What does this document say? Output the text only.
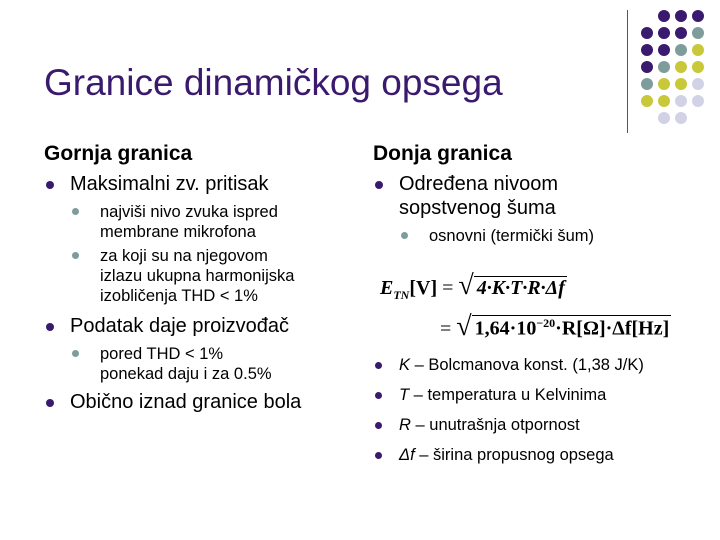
Granice dinamičkog opsega
Gornja granica
Maksimalni zv. pritisak
najviši nivo zvuka ispred
membrane mikrofona
za koji su na njegovom
izlazu ukupna harmonijska
izobličenja THD < 1%
Podatak daje proizvođač
pored THD < 1%
ponekad daju i za 0.5%
Obično iznad granice bola
Donja granica
Određena nivoom
sopstvenog šuma
osnovni (termički šum)
$E_{TN}[V]$ = √ 4·K·T·R·Δf
= √ $1,64\cdot 10^{-20}\cdot R[\Omega]\cdot\Delta f[Hz]$
K – Bolcmanova konst. (1,38 J/K)
T – temperatura u Kelvinima
R – unutrašnja otpornost
Δf – širina propusnog opsega
